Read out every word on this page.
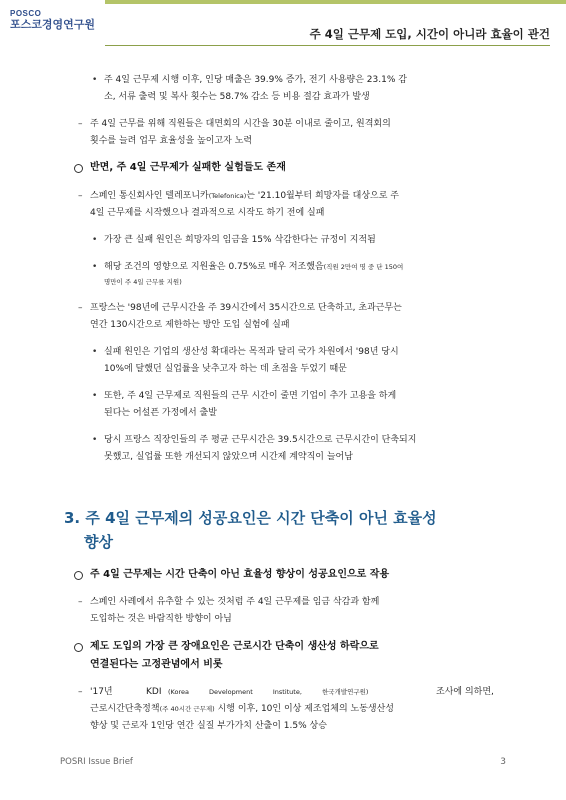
POSCO
포스코경영연구원
주 4일 근무제 도입, 시간이 아니라 효율이 관건
• 주 4일 근무제 시행 이후, 인당 매출은 39.9% 증가, 전기 사용량은 23.1% 감
소, 서류 출력 및 복사 횟수는 58.7% 감소 등 비용 절감 효과가 발생
– 주 4일 근무를 위해 직원들은 대면회의 시간을 30분 이내로 줄이고, 원격회의
횟수를 늘려 업무 효율성을 높이고자 노력
반면, 주 4일 근무제가 실패한 실험들도 존재
– 스페인 통신회사인 텔레포니카(Telefonica)는 '21.10월부터 희망자를 대상으로 주
4일 근무제를 시작했으나 결과적으로 시작도 하기 전에 실패
• 가장 큰 실패 원인은 희망자의 임금을 15% 삭감한다는 규정이 지적됨
• 해당 조건의 영향으로 지원율은 0.75%로 매우 저조했음(직원 2만여 명 중 단 150여
명만이 주 4일 근무를 지원)
– 프랑스는 '98년에 근무시간을 주 39시간에서 35시간으로 단축하고, 초과근무는
연간 130시간으로 제한하는 방안 도입 실험에 실패
• 실패 원인은 기업의 생산성 확대라는 목적과 달리 국가 차원에서 '98년 당시
10%에 달했던 실업률을 낮추고자 하는 데 초점을 두었기 때문
• 또한, 주 4일 근무제로 직원들의 근무 시간이 줄면 기업이 추가 고용을 하게
된다는 어설픈 가정에서 출발
• 당시 프랑스 직장인들의 주 평균 근무시간은 39.5시간으로 근무시간이 단축되지
못했고, 실업률 또한 개선되지 않았으며 시간제 계약직이 늘어남
3. 주 4일 근무제의 성공요인은 시간 단축이 아닌 효율성
향상
주 4일 근무제는 시간 단축이 아닌 효율성 향상이 성공요인으로 작용
– 스페인 사례에서 유추할 수 있는 것처럼 주 4일 근무제를 임금 삭감과 함께
도입하는 것은 바람직한 방향이 아님
제도 도입의 가장 큰 장애요인은 근로시간 단축이 생산성 하락으로
연결된다는 고정관념에서 비롯
– '17년	KDI (Korea Development Institute, 한국개발연구원)	조사에 의하면,
근로시간단축정책(주 40시간 근무제) 시행 이후, 10인 이상 제조업체의 노동생산성
향상 및 근로자 1인당 연간 실질 부가가치 산출이 1.5% 상승
POSRI Issue Brief	3
